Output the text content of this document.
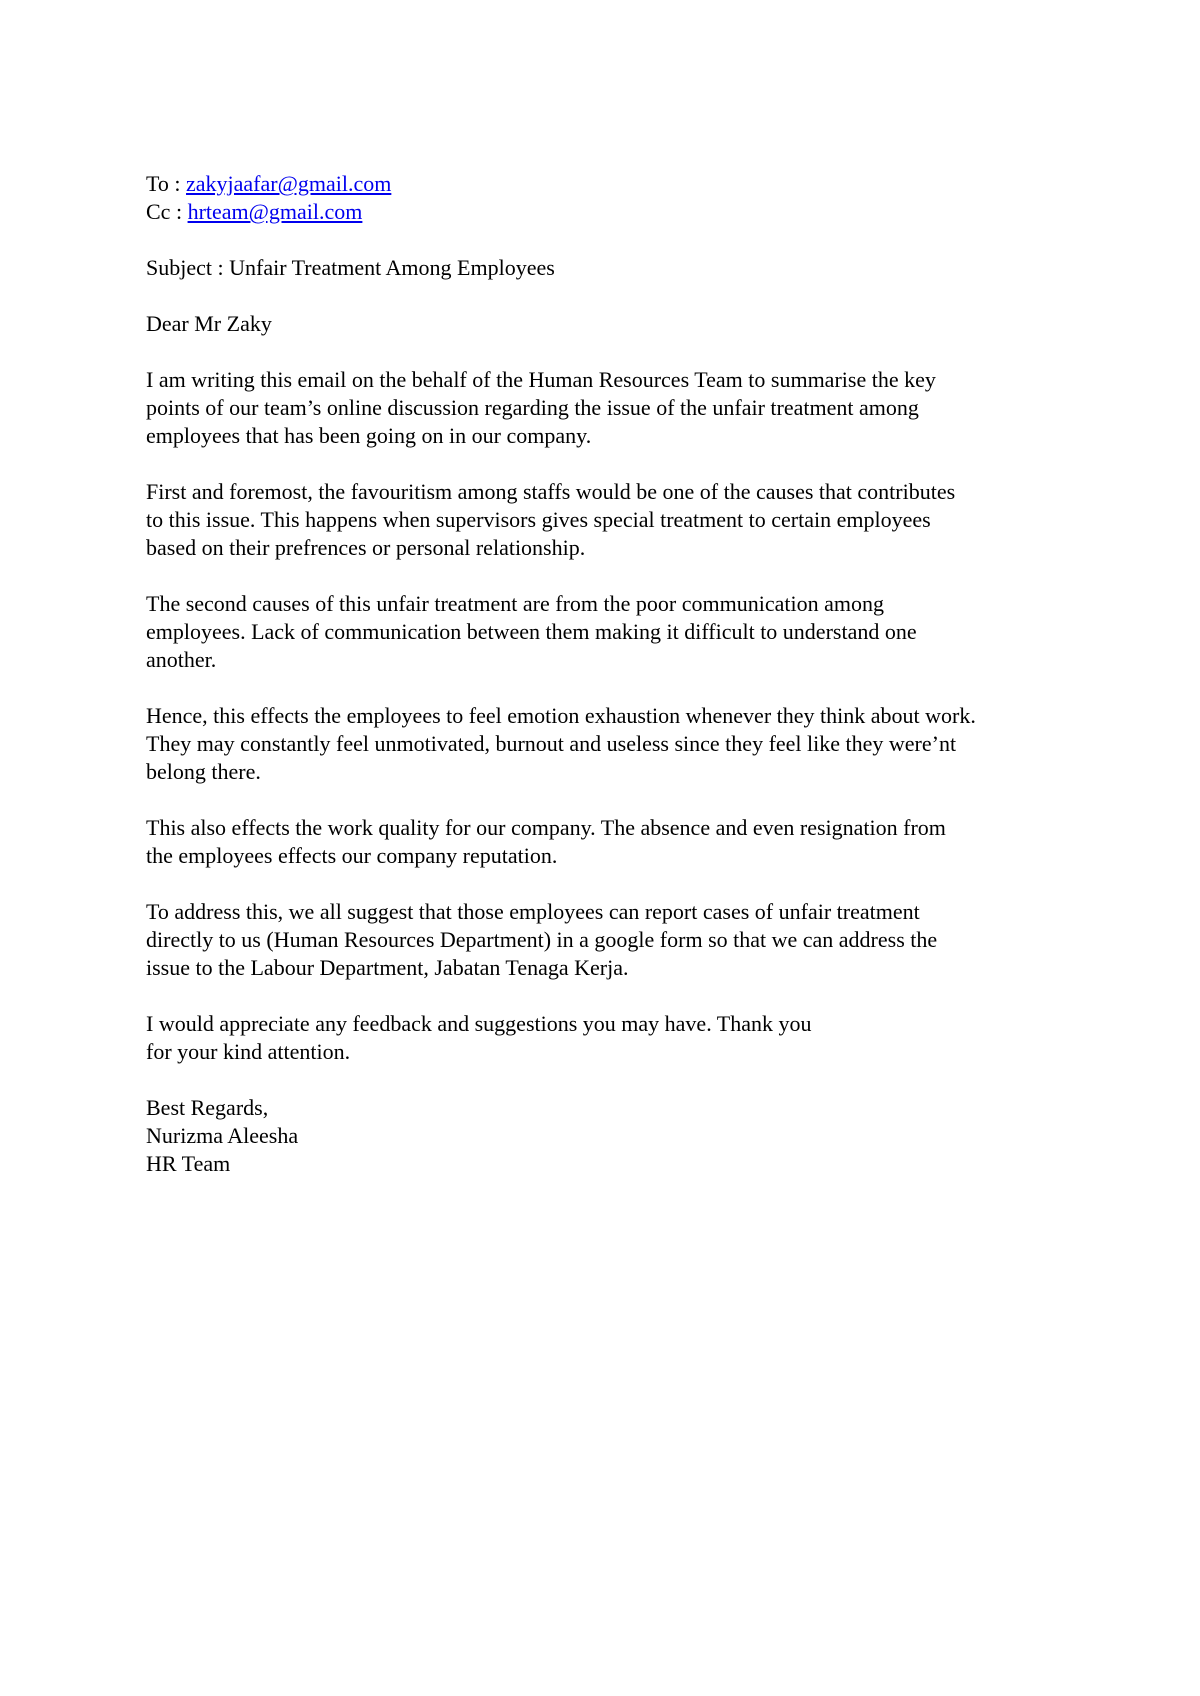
To : zakyjaafar@gmail.com
Cc : hrteam@gmail.com
Subject : Unfair Treatment Among Employees
Dear Mr Zaky
I am writing this email on the behalf of the Human Resources Team to summarise the key
points of our team’s online discussion regarding the issue of the unfair treatment among
employees that has been going on in our company.
First and foremost, the favouritism among staffs would be one of the causes that contributes
to this issue. This happens when supervisors gives special treatment to certain employees
based on their prefrences or personal relationship.
The second causes of this unfair treatment are from the poor communication among
employees. Lack of communication between them making it difficult to understand one
another.
Hence, this effects the employees to feel emotion exhaustion whenever they think about work.
They may constantly feel unmotivated, burnout and useless since they feel like they were’nt
belong there.
This also effects the work quality for our company. The absence and even resignation from
the employees effects our company reputation.
To address this, we all suggest that those employees can report cases of unfair treatment
directly to us (Human Resources Department) in a google form so that we can address the
issue to the Labour Department, Jabatan Tenaga Kerja.
I would appreciate any feedback and suggestions you may have. Thank you
for your kind attention.
Best Regards,
Nurizma Aleesha
HR Team
